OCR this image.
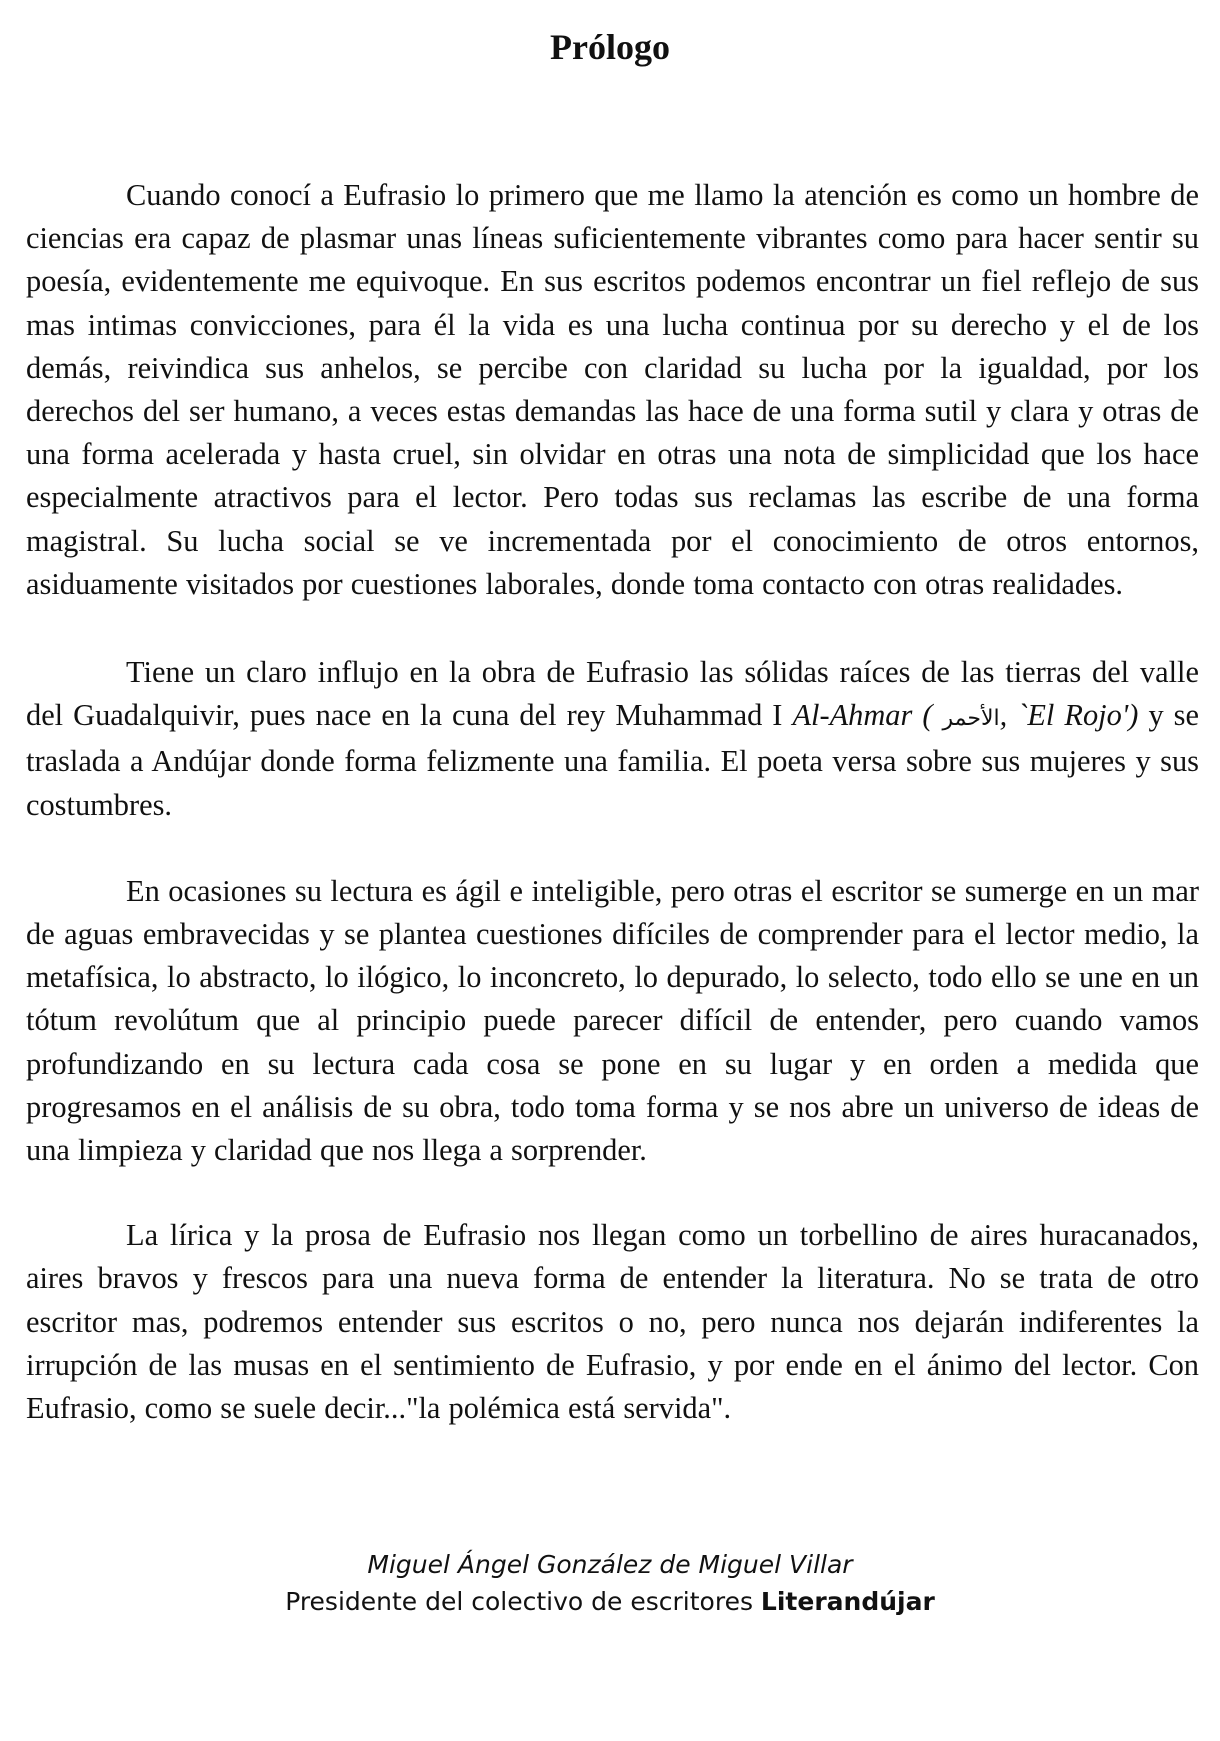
Prólogo

Cuando conocí a Eufrasio lo primero que me llamo la atención es como un hombre de ciencias era capaz de plasmar unas líneas suficientemente vibrantes como para hacer sentir su poesía, evidentemente me equivoque. En sus escritos podemos encontrar un fiel reflejo de sus mas intimas convicciones, para él la vida es una lucha continua por su derecho y el de los demás, reivindica sus anhelos, se percibe con claridad su lucha por la igualdad, por los derechos del ser humano, a veces estas demandas las hace de una forma sutil y clara y otras de una forma acelerada y hasta cruel, sin olvidar en otras una nota de simplicidad que los hace especialmente atractivos para el lector. Pero todas sus reclamas las escribe de una forma magistral. Su lucha social se ve incrementada por el conocimiento de otros entornos, asiduamente visitados por cuestiones laborales, donde toma contacto con otras realidades.

Tiene un claro influjo en la obra de Eufrasio las sólidas raíces de las tierras del valle del Guadalquivir, pues nace en la cuna del rey Muhammad I Al-Ahmar ( الأحمر, `El Rojo') y se traslada a Andújar donde forma felizmente una familia. El poeta versa sobre sus mujeres y sus costumbres.

En ocasiones su lectura es ágil e inteligible, pero otras el escritor se sumerge en un mar de aguas embravecidas y se plantea cuestiones difíciles de comprender para el lector medio, la metafísica, lo abstracto, lo ilógico, lo inconcreto, lo depurado, lo selecto, todo ello se une en un tótum revolútum que al principio puede parecer difícil de entender, pero cuando vamos profundizando en su lectura cada cosa se pone en su lugar y en orden a medida que progresamos en el análisis de su obra, todo toma forma y se nos abre un universo de ideas de una limpieza y claridad que nos llega a sorprender.

La lírica y la prosa de Eufrasio nos llegan como un torbellino de aires huracanados, aires bravos y frescos para una nueva forma de entender la literatura. No se trata de otro escritor mas, podremos entender sus escritos o no, pero nunca nos dejarán indiferentes la irrupción de las musas en el sentimiento de Eufrasio, y por ende en el ánimo del lector. Con Eufrasio, como se suele decir..."la polémica está servida".

Miguel Ángel González de Miguel Villar
Presidente del colectivo de escritores Literandújar
